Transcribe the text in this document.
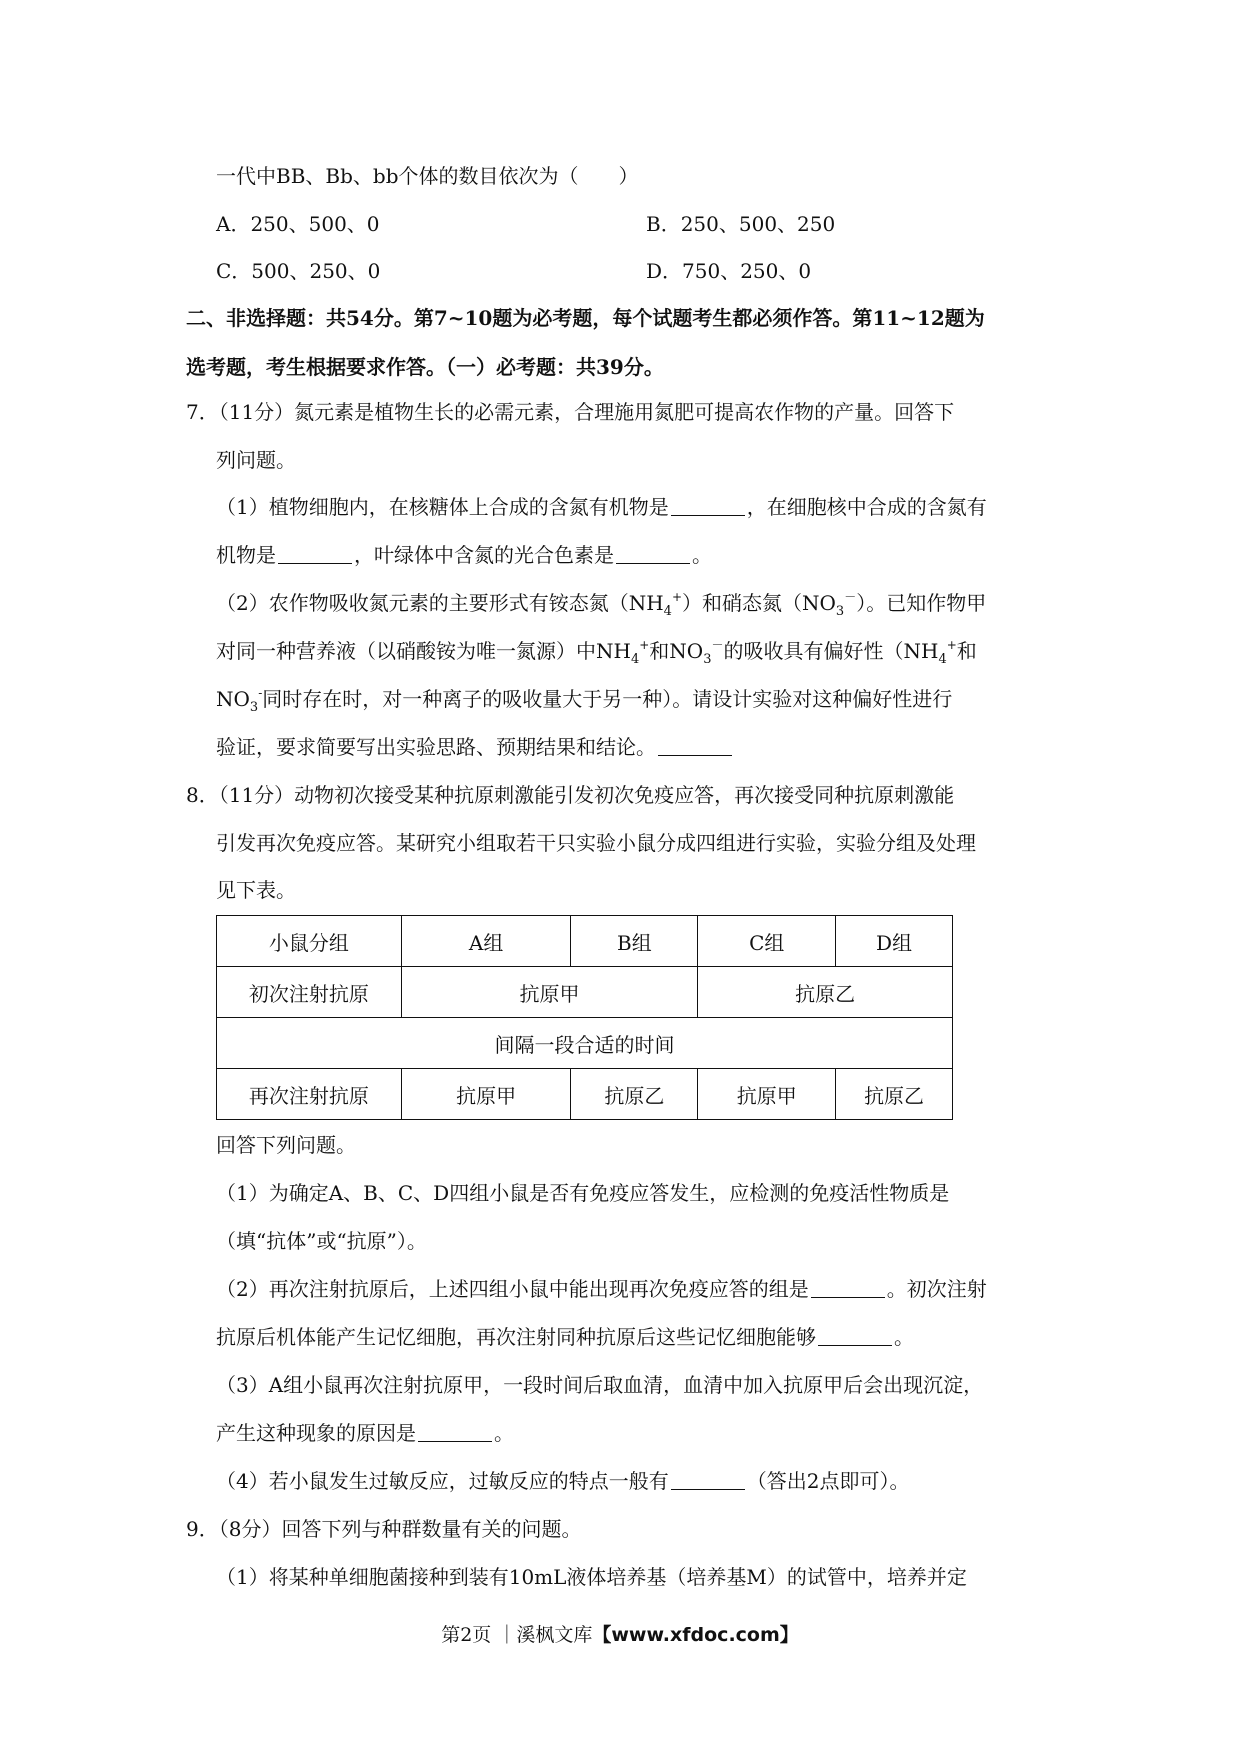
一代中BB、Bb、bb个体的数目依次为（　　）
A．250、500、0	B．250、500、250
C．500、250、0	D．750、250、0
二、非选择题：共54分。第7~10题为必考题，每个试题考生都必须作答。第11~12题为
选考题，考生根据要求作答。（一）必考题：共39分。
7．（11分）氮元素是植物生长的必需元素，合理施用氮肥可提高农作物的产量。回答下
列问题。
（1）植物细胞内，在核糖体上合成的含氮有机物是	，在细胞核中合成的含氮有
机物是	，叶绿体中含氮的光合色素是	。
（2）农作物吸收氮元素的主要形式有铵态氮$(NH_4^+)$和硝态氮$(NO_3^-)$。已知作物甲
对同一种营养液（以硝酸铵为唯一氮源）中$NH_4^+$和$NO_3^-$的吸收具有偏好性（$NH_4^+$和
$NO_3^-$同时存在时，对一种离子的吸收量大于另一种）。请设计实验对这种偏好性进行
验证，要求简要写出实验思路、预期结果和结论。
8．（11分）动物初次接受某种抗原刺激能引发初次免疫应答，再次接受同种抗原刺激能
引发再次免疫应答。某研究小组取若干只实验小鼠分成四组进行实验，实验分组及处理
见下表。
小鼠分组	A组	B组	C组	D组
初次注射抗原	抗原甲		抗原乙	
间隔一段合适的时间				
再次注射抗原	抗原甲	抗原乙	抗原甲	抗原乙
回答下列问题。
（1）为确定A、B、C、D四组小鼠是否有免疫应答发生，应检测的免疫活性物质是
（填“抗体”或“抗原”）。
（2）再次注射抗原后，上述四组小鼠中能出现再次免疫应答的组是	。初次注射
抗原后机体能产生记忆细胞，再次注射同种抗原后这些记忆细胞能够	。
（3）A组小鼠再次注射抗原甲，一段时间后取血清，血清中加入抗原甲后会出现沉淀，
产生这种现象的原因是	。
（4）若小鼠发生过敏反应，过敏反应的特点一般有	（答出2点即可）。
9．（8分）回答下列与种群数量有关的问题。
（1）将某种单细胞菌接种到装有10mL液体培养基（培养基M）的试管中，培养并定
第2页 ｜溪枫文库【www.xfdoc.com】
